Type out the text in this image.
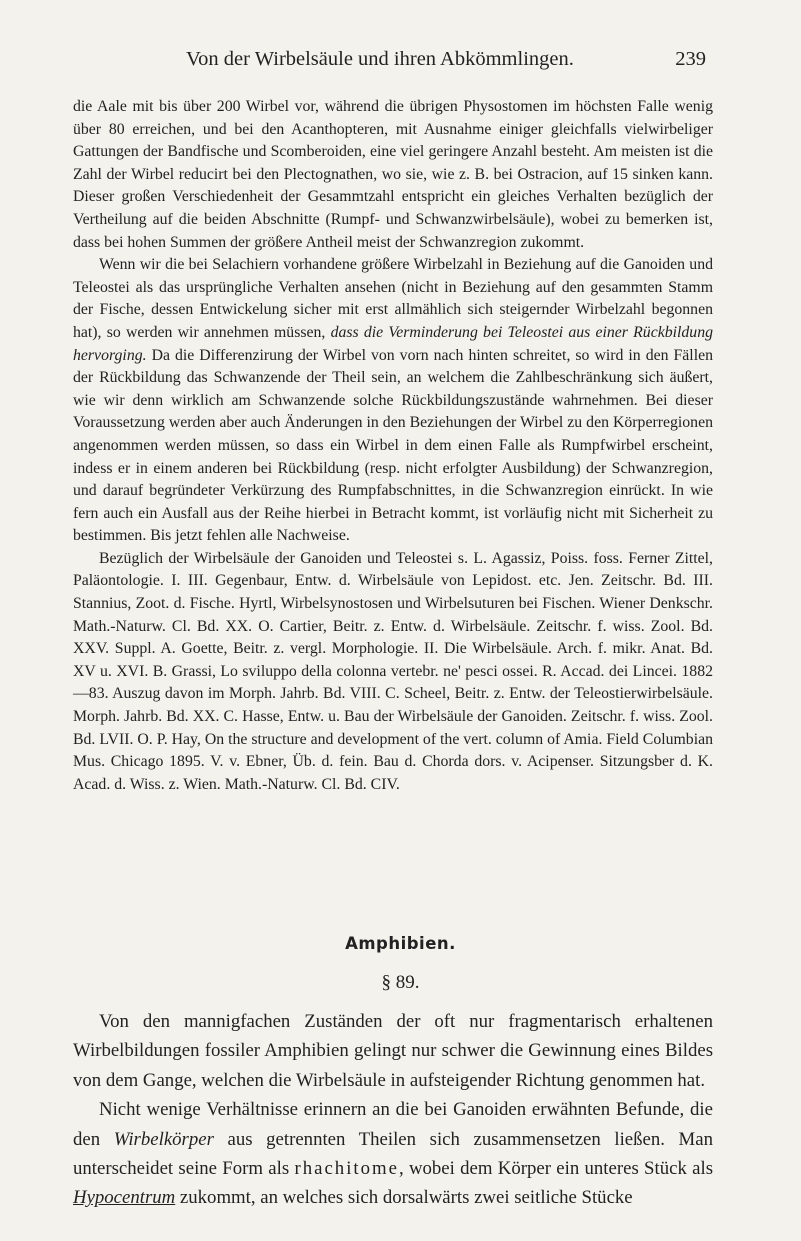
Von der Wirbelsäule und ihren Abkömmlingen.	239

die Aale mit bis über 200 Wirbel vor, während die übrigen Physostomen im höchsten Falle wenig über 80 erreichen, und bei den Acanthopteren, mit Ausnahme einiger gleichfalls vielwirbeliger Gattungen der Bandfische und Scomberoiden, eine viel geringere Anzahl besteht. Am meisten ist die Zahl der Wirbel reducirt bei den Plectognathen, wo sie, wie z. B. bei Ostracion, auf 15 sinken kann. Dieser großen Verschiedenheit der Gesammtzahl entspricht ein gleiches Verhalten bezüglich der Vertheilung auf die beiden Abschnitte (Rumpf- und Schwanzwirbelsäule), wobei zu bemerken ist, dass bei hohen Summen der größere Antheil meist der Schwanzregion zukommt.

Wenn wir die bei Selachiern vorhandene größere Wirbelzahl in Beziehung auf die Ganoiden und Teleostei als das ursprüngliche Verhalten ansehen (nicht in Beziehung auf den gesammten Stamm der Fische, dessen Entwickelung sicher mit erst allmählich sich steigernder Wirbelzahl begonnen hat), so werden wir annehmen müssen, dass die Verminderung bei Teleostei aus einer Rückbildung hervorging. Da die Differenzirung der Wirbel von vorn nach hinten schreitet, so wird in den Fällen der Rückbildung das Schwanzende der Theil sein, an welchem die Zahlbeschränkung sich äußert, wie wir denn wirklich am Schwanzende solche Rückbildungszustände wahrnehmen. Bei dieser Voraussetzung werden aber auch Änderungen in den Beziehungen der Wirbel zu den Körperregionen angenommen werden müssen, so dass ein Wirbel in dem einen Falle als Rumpfwirbel erscheint, indess er in einem anderen bei Rückbildung (resp. nicht erfolgter Ausbildung) der Schwanzregion, und darauf begründeter Verkürzung des Rumpfabschnittes, in die Schwanzregion einrückt. In wie fern auch ein Ausfall aus der Reihe hierbei in Betracht kommt, ist vorläufig nicht mit Sicherheit zu bestimmen. Bis jetzt fehlen alle Nachweise.

Bezüglich der Wirbelsäule der Ganoiden und Teleostei s. L. Agassiz, Poiss. foss. Ferner Zittel, Paläontologie. I. III. Gegenbaur, Entw. d. Wirbelsäule von Lepidost. etc. Jen. Zeitschr. Bd. III. Stannius, Zoot. d. Fische. Hyrtl, Wirbelsynostosen und Wirbelsuturen bei Fischen. Wiener Denkschr. Math.-Naturw. Cl. Bd. XX. O. Cartier, Beitr. z. Entw. d. Wirbelsäule. Zeitschr. f. wiss. Zool. Bd. XXV. Suppl. A. Goette, Beitr. z. vergl. Morphologie. II. Die Wirbelsäule. Arch. f. mikr. Anat. Bd. XV u. XVI. B. Grassi, Lo sviluppo della colonna vertebr. ne' pesci ossei. R. Accad. dei Lincei. 1882—83. Auszug davon im Morph. Jahrb. Bd. VIII. C. Scheel, Beitr. z. Entw. der Teleostierwirbelsäule. Morph. Jahrb. Bd. XX. C. Hasse, Entw. u. Bau der Wirbelsäule der Ganoiden. Zeitschr. f. wiss. Zool. Bd. LVII. O. P. Hay, On the structure and development of the vert. column of Amia. Field Columbian Mus. Chicago 1895. V. v. Ebner, Üb. d. fein. Bau d. Chorda dors. v. Acipenser. Sitzungsber d. K. Acad. d. Wiss. z. Wien. Math.-Naturw. Cl. Bd. CIV.

Amphibien.
§ 89.

Von den mannigfachen Zuständen der oft nur fragmentarisch erhaltenen Wirbelbildungen fossiler Amphibien gelingt nur schwer die Gewinnung eines Bildes von dem Gange, welchen die Wirbelsäule in aufsteigender Richtung genommen hat.

Nicht wenige Verhältnisse erinnern an die bei Ganoiden erwähnten Befunde, die den Wirbelkörper aus getrennten Theilen sich zusammensetzen ließen. Man unterscheidet seine Form als rhachitome, wobei dem Körper ein unteres Stück als Hypocentrum zukommt, an welches sich dorsalwärts zwei seitliche Stücke
